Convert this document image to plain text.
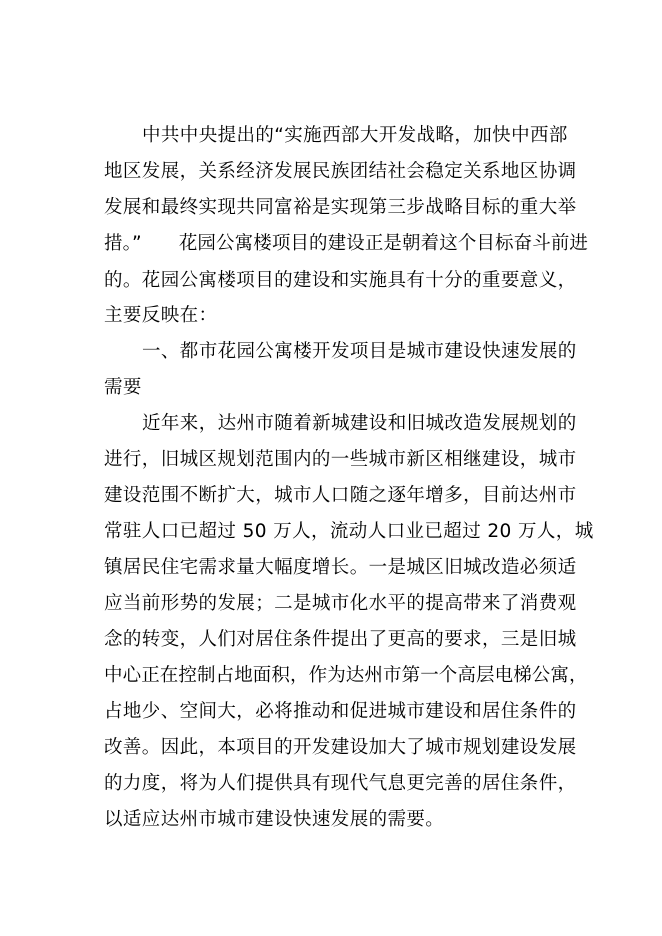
中共中央提出的“实施西部大开发战略，加快中西部
地区发展，关系经济发展民族团结社会稳定关系地区协调
发展和最终实现共同富裕是实现第三步战略目标的重大举
措。”　　花园公寓楼项目的建设正是朝着这个目标奋斗前进
的。花园公寓楼项目的建设和实施具有十分的重要意义，
主要反映在：
一、都市花园公寓楼开发项目是城市建设快速发展的
需要
近年来，达州市随着新城建设和旧城改造发展规划的
进行，旧城区规划范围内的一些城市新区相继建设，城市
建设范围不断扩大，城市人口随之逐年增多，目前达州市
常驻人口已超过 50 万人，流动人口业已超过 20 万人，城
镇居民住宅需求量大幅度增长。一是城区旧城改造必须适
应当前形势的发展；二是城市化水平的提高带来了消费观
念的转变，人们对居住条件提出了更高的要求，三是旧城
中心正在控制占地面积，作为达州市第一个高层电梯公寓，
占地少、空间大，必将推动和促进城市建设和居住条件的
改善。因此，本项目的开发建设加大了城市规划建设发展
的力度，将为人们提供具有现代气息更完善的居住条件，
以适应达州市城市建设快速发展的需要。
